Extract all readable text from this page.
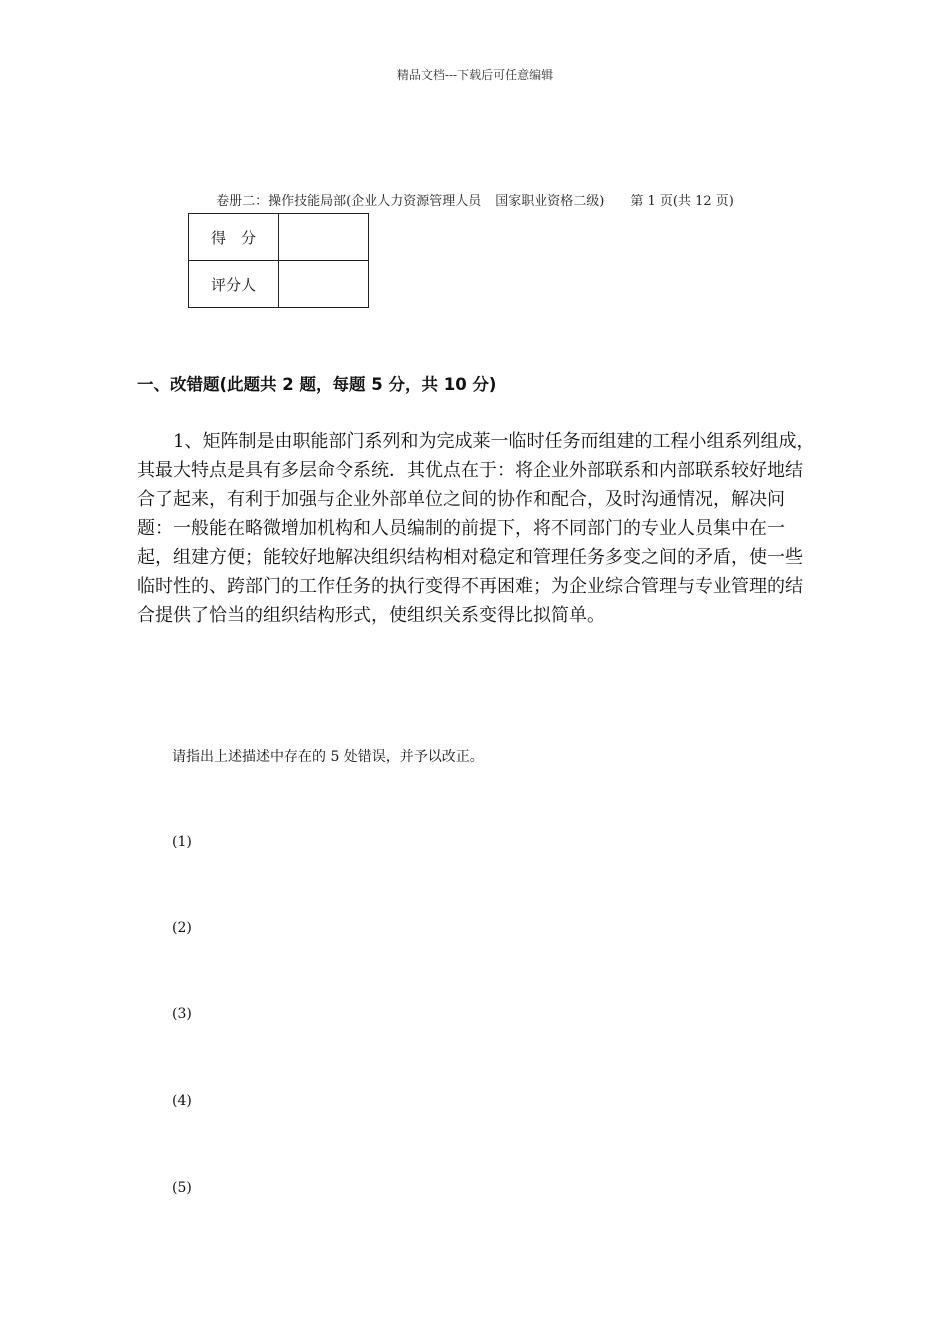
精品文档---下载后可任意编辑
卷册二：操作技能局部(企业人力资源管理人员 国家职业资格二级) 第 1 页(共 12 页)
得　分	
评分人	
一、改错题(此题共 2 题，每题 5 分，共 10 分)

1、矩阵制是由职能部门系列和为完成莱一临时任务而组建的工程小组系列组成，其最大特点是具有多层命令系统．其优点在于：将企业外部联系和内部联系较好地结合了起来，有利于加强与企业外部单位之间的协作和配合，及时沟通情况，解决问题：一般能在略微增加机构和人员编制的前提下，将不同部门的专业人员集中在一起，组建方便；能较好地解决组织结构相对稳定和管理任务多变之间的矛盾，使一些临时性的、跨部门的工作任务的执行变得不再困难；为企业综合管理与专业管理的结合提供了恰当的组织结构形式，使组织关系变得比拟简单。

请指出上述描述中存在的 5 处错误，并予以改正。
(1)
(2)
(3)
(4)
(5)
